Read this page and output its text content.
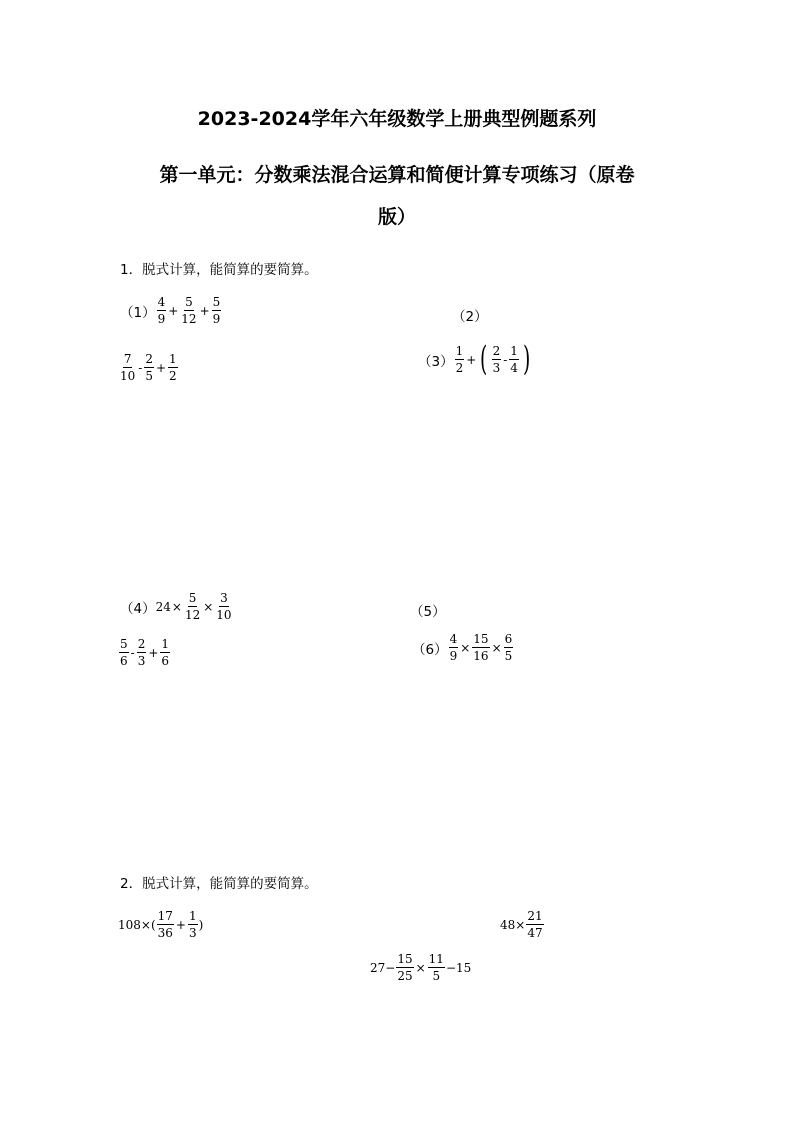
2023-2024学年六年级数学上册典型例题系列
第一单元：分数乘法混合运算和简便计算专项练习（原卷
版）
1．脱式计算，能简算的要简算。
$(1) \frac{4}{9} + \frac{5}{12} + \frac{5}{9}$	（2）
$\frac{7}{10} - \frac{2}{5} + \frac{1}{2}$	$(3) \frac{1}{2}$ + ( $\frac{2}{3} - \frac{1}{4}$ )
（4） $24 \times \frac{5}{12} \times \frac{3}{10}$	（5）
$\frac{5}{6} - \frac{2}{3} + \frac{1}{6}$	$(6) \frac{4}{9} \times \frac{15}{16} \times \frac{6}{5}$
2．脱式计算，能简算的要简算。
$108\times( \frac{17}{36} + \frac{1}{3}$ )	$48\times \frac{21}{47}$
$27- \frac{15}{25} \times \frac{11}{5} -15$
